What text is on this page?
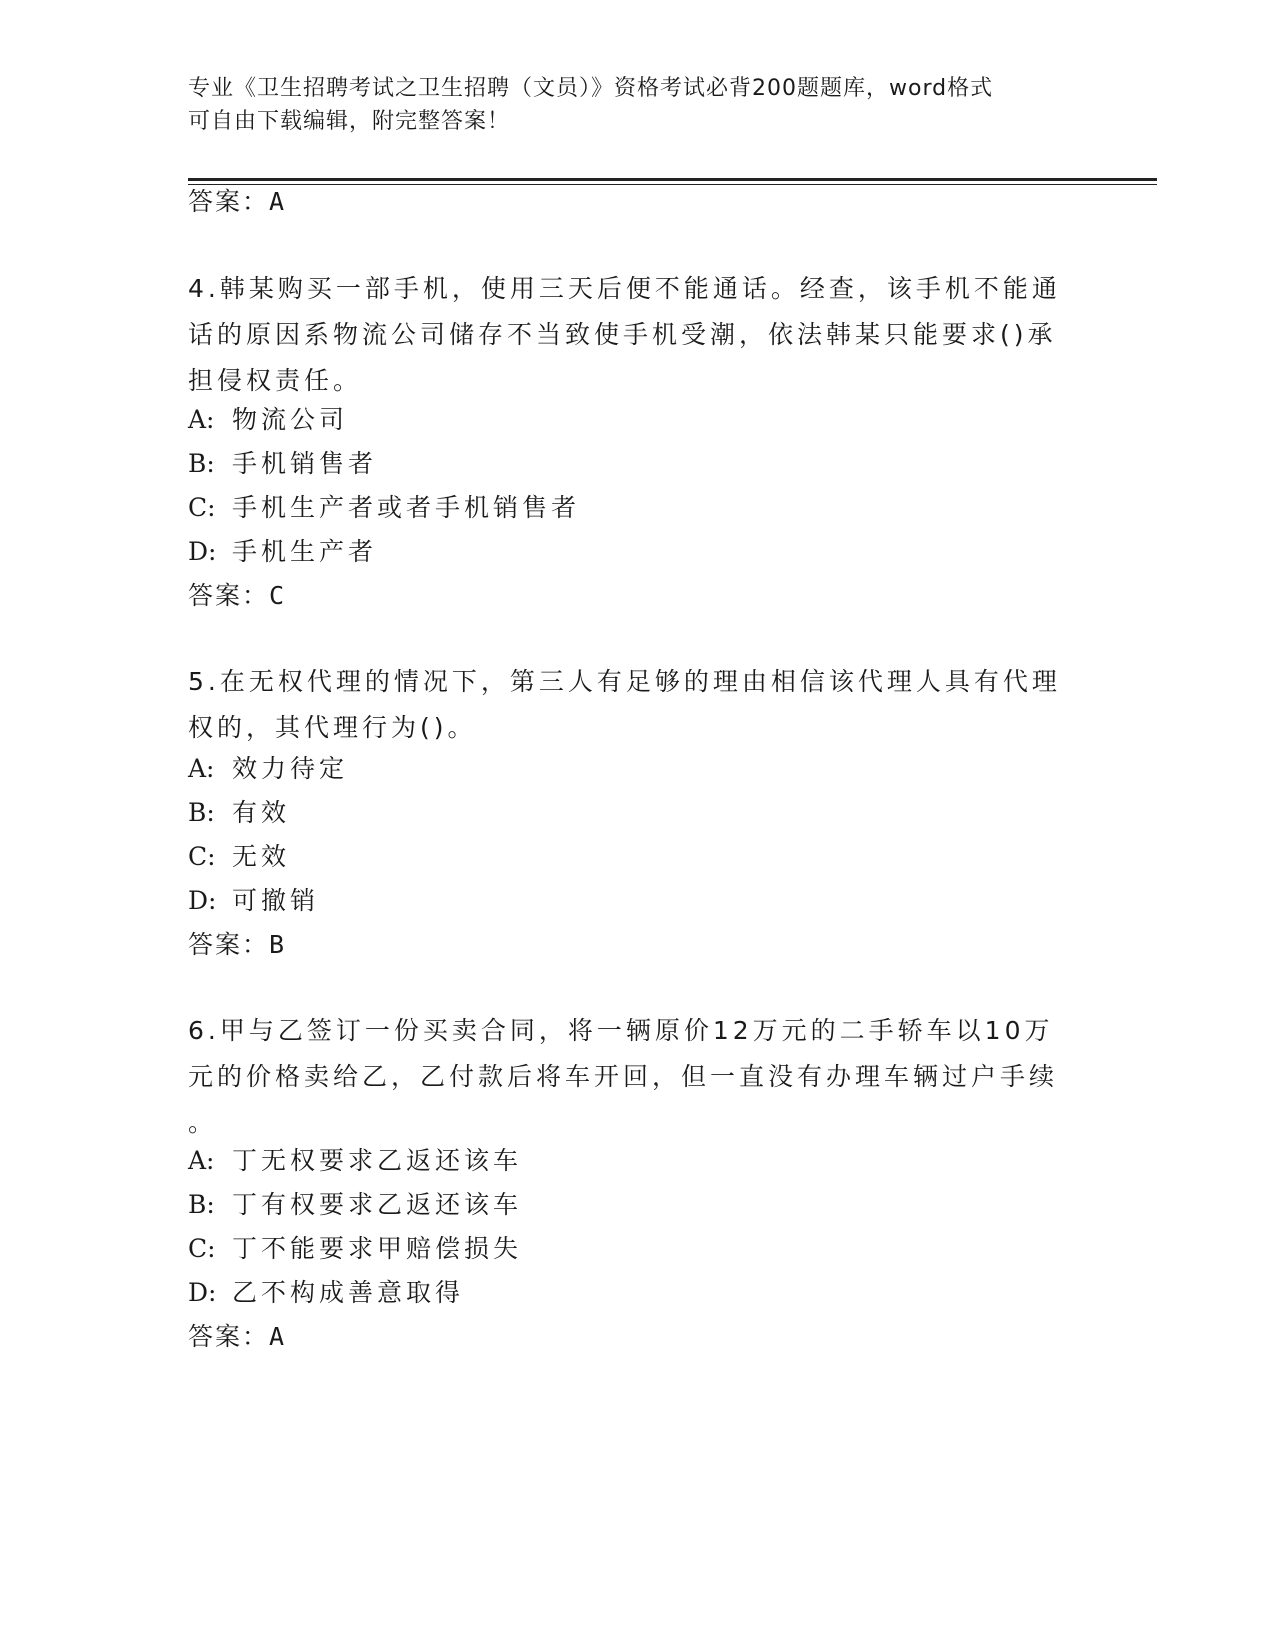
专业《卫生招聘考试之卫生招聘（文员）》资格考试必背200题题库，word格式
可自由下载编辑，附完整答案！
答案：A
4.韩某购买一部手机，使用三天后便不能通话。经查，该手机不能通
话的原因系物流公司储存不当致使手机受潮，依法韩某只能要求()承
担侵权责任。
A: 物流公司
B: 手机销售者
C: 手机生产者或者手机销售者
D: 手机生产者
答案：C
5.在无权代理的情况下，第三人有足够的理由相信该代理人具有代理
权的，其代理行为()。
A: 效力待定
B: 有效
C: 无效
D: 可撤销
答案：B
6.甲与乙签订一份买卖合同，将一辆原价12万元的二手轿车以10万
元的价格卖给乙，乙付款后将车开回，但一直没有办理车辆过户手续
。
A: 丁无权要求乙返还该车
B: 丁有权要求乙返还该车
C: 丁不能要求甲赔偿损失
D: 乙不构成善意取得
答案：A
